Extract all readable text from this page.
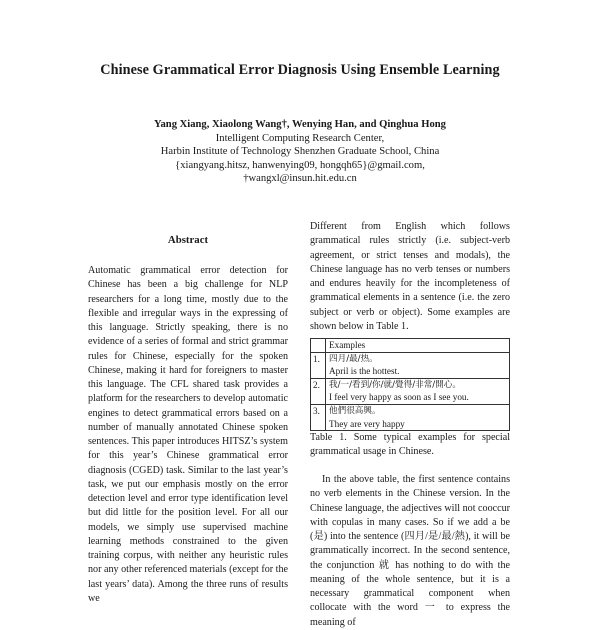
Chinese Grammatical Error Diagnosis Using Ensemble Learning
Yang Xiang, Xiaolong Wang†, Wenying Han, and Qinghua Hong
Intelligent Computing Research Center,
Harbin Institute of Technology Shenzhen Graduate School, China
{xiangyang.hitsz, hanwenying09, hongqh65}@gmail.com,
†wangxl@insun.hit.edu.cn
Abstract
Automatic grammatical error detection for Chinese has been a big challenge for NLP researchers for a long time, mostly due to the flexible and irregular ways in the expressing of this language. Strictly speaking, there is no evidence of a series of formal and strict grammar rules for Chinese, especially for the spoken Chinese, making it hard for foreigners to master this language. The CFL shared task provides a platform for the researchers to develop automatic engines to detect grammatical errors based on a number of manually annotated Chinese spoken sentences. This paper introduces HITSZ’s system for this year’s Chinese grammatical error diagnosis (CGED) task. Similar to the last year’s task, we put our emphasis mostly on the error detection level and error type identification level but did little for the position level. For all our models, we simply use supervised machine learning methods constrained to the given training corpus, with neither any heuristic rules nor any other referenced materials (except for the last years’ data). Among the three runs of results we
Different from English which follows grammatical rules strictly (i.e. subject-verb agreement, or strict tenses and modals), the Chinese language has no verb tenses or numbers and endures heavily for the incompleteness of grammatical elements in a sentence (i.e. the zero subject or verb or object). Some examples are shown below in Table 1.
	Examples
1.	四月/最/热。
April is the hottest.

2.	我/一/看到/你/就/覺得/非常/開心。
I feel very happy as soon as I see you.

3.	他們很高興。
They are very happy
Table 1. Some typical examples for special grammatical usage in Chinese.
In the above table, the first sentence contains no verb elements in the Chinese version. In the Chinese language, the adjectives will not cooccur with copulas in many cases. So if we add a be (是) into the sentence (四月/是/最/熱), it will be grammatically incorrect. In the second sentence, the conjunction 就 has nothing to do with the meaning of the whole sentence, but it is a necessary grammatical component when collocate with the word 一 to express the meaning of
